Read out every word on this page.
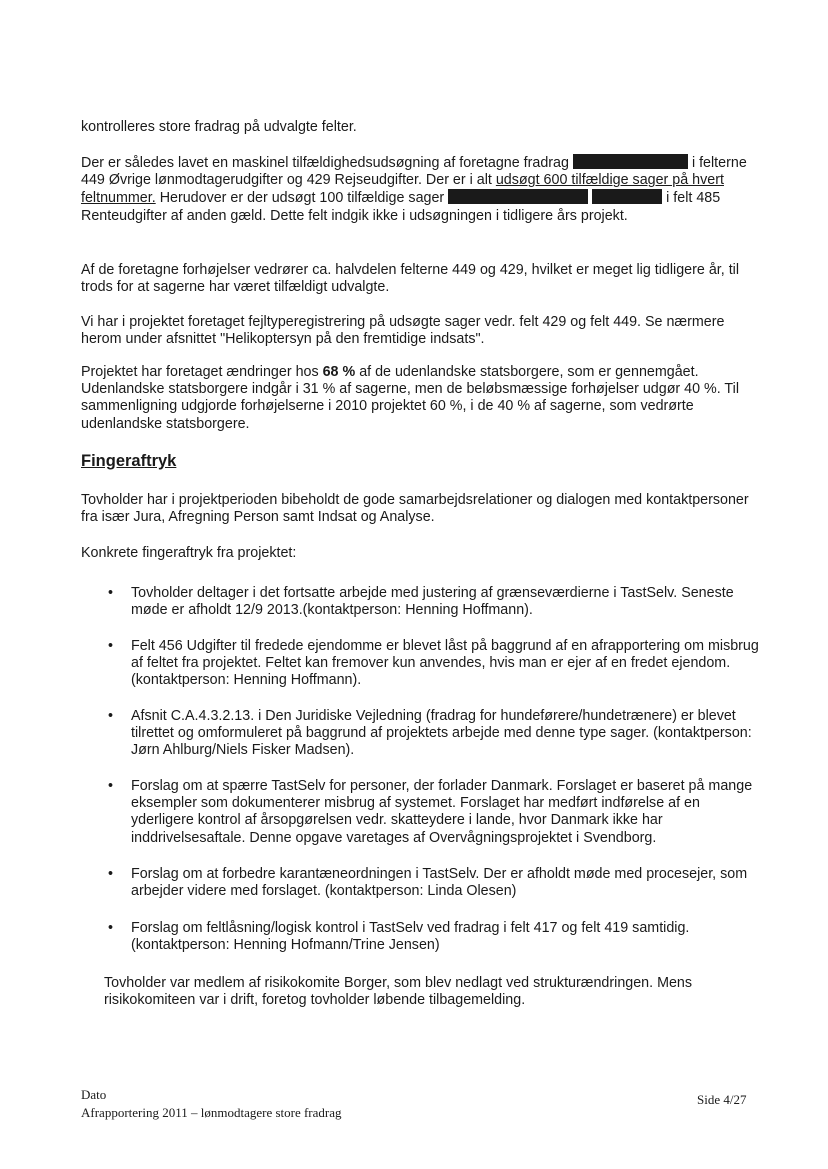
kontrolleres store fradrag på udvalgte felter.

Der er således lavet en maskinel tilfældighedsudsøgning af foretagne fradrag	i felterne 449 Øvrige lønmodtagerudgifter og 429 Rejseudgifter. Der er i alt udsøgt 600 tilfældige sager på hvert feltnummer. Herudover er der udsøgt 100 tilfældige sager	i felt 485 Renteudgifter af anden gæld. Dette felt indgik ikke i udsøgningen i tidligere års projekt.

Af de foretagne forhøjelser vedrører ca. halvdelen felterne 449 og 429, hvilket er meget lig tidligere år, til trods for at sagerne har været tilfældigt udvalgte.

Vi har i projektet foretaget fejltyperegistrering på udsøgte sager vedr. felt 429 og felt 449. Se nærmere herom under afsnittet "Helikoptersyn på den fremtidige indsats".

Projektet har foretaget ændringer hos 68 % af de udenlandske statsborgere, som er gennemgået. Udenlandske statsborgere indgår i 31 % af sagerne, men de beløbsmæssige forhøjelser udgør 40 %. Til sammenligning udgjorde forhøjelserne i 2010 projektet 60 %, i de 40 % af sagerne, som vedrørte udenlandske statsborgere.

Fingeraftryk

Tovholder har i projektperioden bibeholdt de gode samarbejdsrelationer og dialogen med kontaktpersoner fra især Jura, Afregning Person samt Indsat og Analyse.

Konkrete fingeraftryk fra projektet:

• Tovholder deltager i det fortsatte arbejde med justering af grænseværdierne i TastSelv. Seneste møde er afholdt 12/9 2013.(kontaktperson: Henning Hoffmann).
• Felt 456 Udgifter til fredede ejendomme er blevet låst på baggrund af en afrapportering om misbrug af feltet fra projektet. Feltet kan fremover kun anvendes, hvis man er ejer af en fredet ejendom.(kontaktperson: Henning Hoffmann).
• Afsnit C.A.4.3.2.13. i Den Juridiske Vejledning (fradrag for hundeførere/hundetrænere) er blevet tilrettet og omformuleret på baggrund af projektets arbejde med denne type sager. (kontaktperson: Jørn Ahlburg/Niels Fisker Madsen).
• Forslag om at spærre TastSelv for personer, der forlader Danmark. Forslaget er baseret på mange eksempler som dokumenterer misbrug af systemet. Forslaget har medført indførelse af en yderligere kontrol af årsopgørelsen vedr. skatteydere i lande, hvor Danmark ikke har inddrivelsesaftale. Denne opgave varetages af Overvågningsprojektet i Svendborg.
• Forslag om at forbedre karantæneordningen i TastSelv. Der er afholdt møde med procesejer, som arbejder videre med forslaget. (kontaktperson: Linda Olesen)
• Forslag om feltlåsning/logisk kontrol i TastSelv ved fradrag i felt 417 og felt 419 samtidig. (kontaktperson: Henning Hofmann/Trine Jensen)

Tovholder var medlem af risikokomite Borger, som blev nedlagt ved strukturændringen. Mens risikokomiteen var i drift, foretog tovholder løbende tilbagemelding.

Dato
Afrapportering 2011 – lønmodtagere store fradrag
Side 4/27
